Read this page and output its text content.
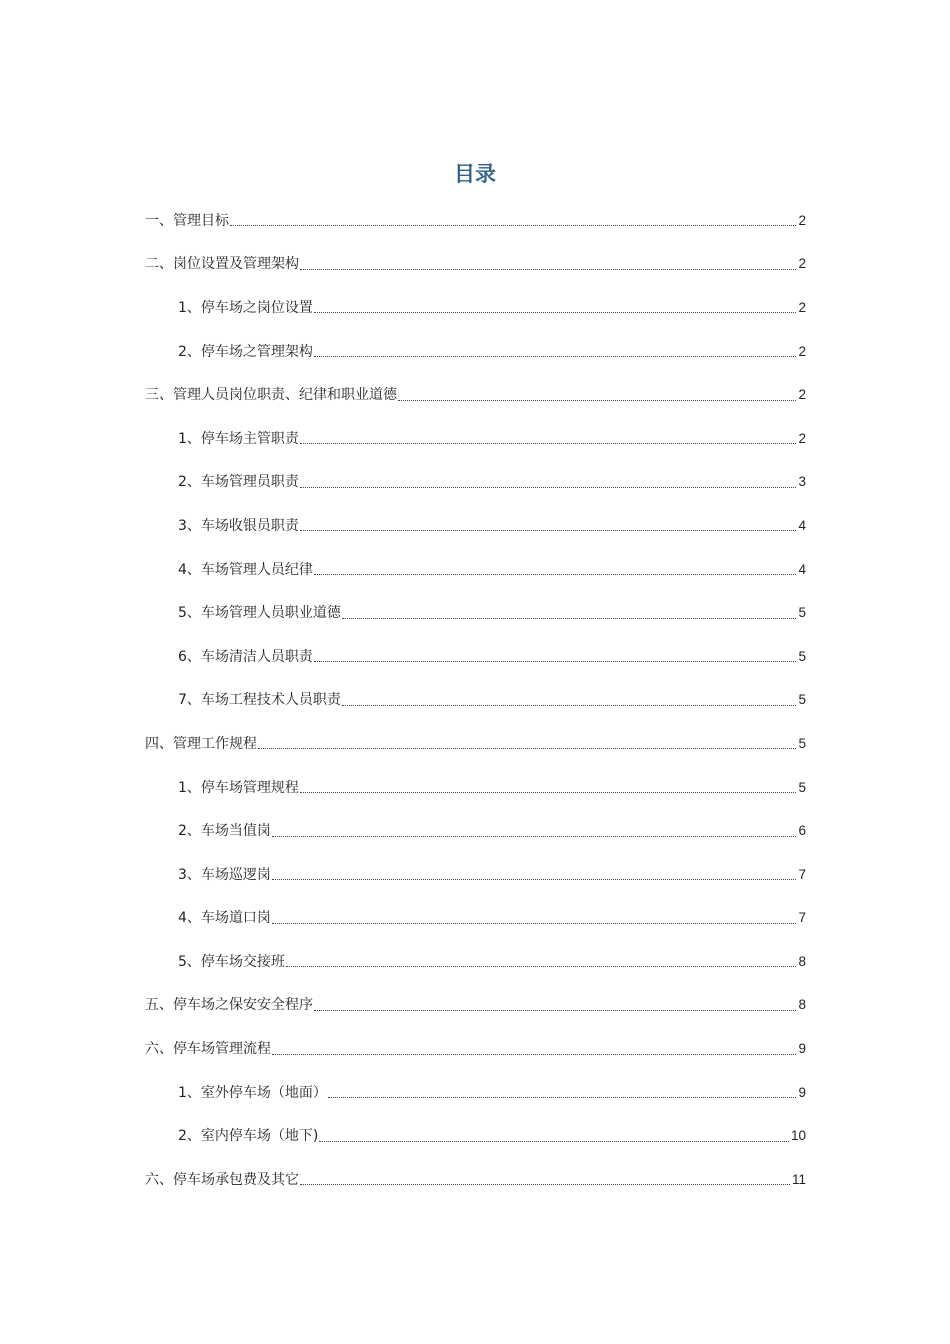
目录
一、管理目标	2
二、岗位设置及管理架构	2
1、停车场之岗位设置	2
2、停车场之管理架构	2
三、管理人员岗位职责、纪律和职业道德	2
1、停车场主管职责	2
2、车场管理员职责	3
3、车场收银员职责	4
4、车场管理人员纪律	4
5、车场管理人员职业道德	5
6、车场清洁人员职责	5
7、车场工程技术人员职责	5
四、管理工作规程	5
1、停车场管理规程	5
2、车场当值岗	6
3、车场巡逻岗	7
4、车场道口岗	7
5、停车场交接班	8
五、停车场之保安安全程序	8
六、停车场管理流程	9
1、室外停车场（地面）	9
2、室内停车场（地下)	10
六、停车场承包费及其它	11
